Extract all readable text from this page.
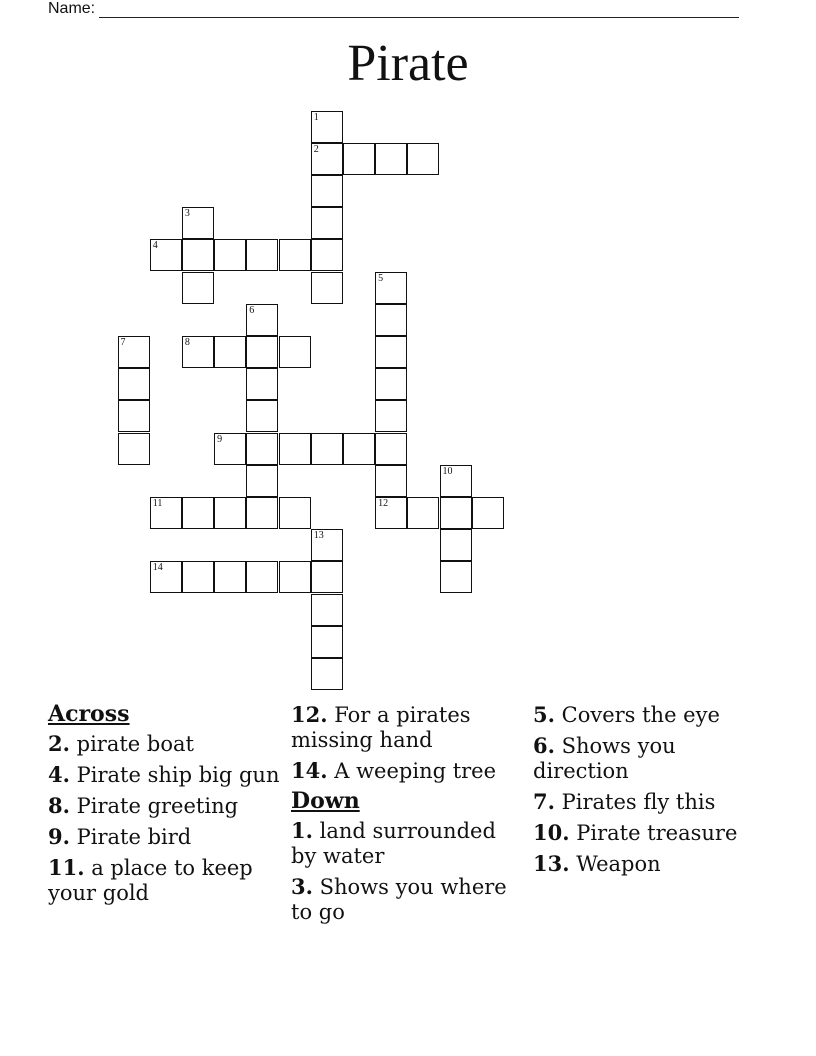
Name:
Pirate
1
2
3
4
5
6
7	8
9
10
11	12
13
14
Across
2. pirate boat
4. Pirate ship big gun
8. Pirate greeting
9. Pirate bird
11. a place to keep your gold
12. For a pirates missing hand
14. A weeping tree
Down
1. land surrounded by water
3. Shows you where to go
5. Covers the eye
6. Shows you direction
7. Pirates fly this
10. Pirate treasure
13. Weapon
